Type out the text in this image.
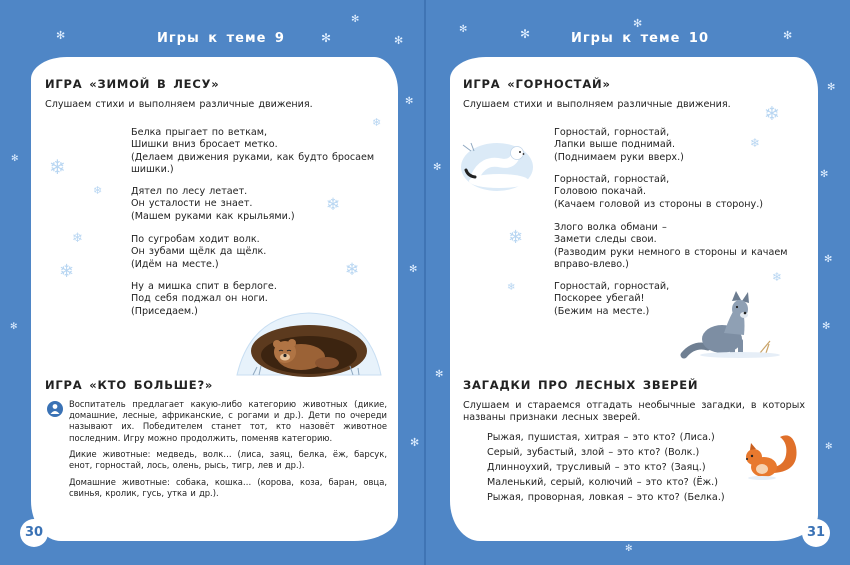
✻	✻
✻
✻
✻
✻
✻
✻
✻
✻
✻
✻	✻
✻
✻
✻
✻
✻
✻
✻
✻
Игры к теме 9	Игры к теме 10
❄
❄
❄
❄
❄
❄
❄
ИГРА «ЗИМОЙ В ЛЕСУ»
Слушаем стихи и выполняем различные движения.
Белка прыгает по веткам,
Шишки вниз бросает метко.
(Делаем движения руками, как будто бросаем
шишки.)
Дятел по лесу летает.
Он усталости не знает.
(Машем руками как крыльями.)
По сугробам ходит волк.
Он зубами щёлк да щёлк.
(Идём на месте.)
Ну а мишка спит в берлоге.
Под себя поджал он ноги.
(Приседаем.)
ИГРА «КТО БОЛЬШЕ?»
Воспитатель предлагает какую-либо категорию животных (дикие, домашние, лесные, африканские, с рогами и др.). Дети по очереди называют их. Победителем станет тот, кто назовёт животное последним. Игру можно продолжить, поменяв категорию.
Дикие животные: медведь, волк… (лиса, заяц, белка, ёж, барсук, енот, горностай, лось, олень, рысь, тигр, лев и др.).
Домашние животные: собака, кошка… (корова, коза, баран, овца, свинья, кролик, гусь, утка и др.).
❄
❄
❄
❄
❄
ИГРА «ГОРНОСТАЙ»
Слушаем стихи и выполняем различные движения.
Горностай, горностай,
Лапки выше поднимай.
(Поднимаем руки вверх.)
Горностай, горностай,
Головою покачай.
(Качаем головой из стороны в сторону.)
Злого волка обмани –
Замети следы свои.
(Разводим руки немного в стороны и качаем
вправо-влево.)
Горностай, горностай,
Поскорее убегай!
(Бежим на месте.)
ЗАГАДКИ ПРО ЛЕСНЫХ ЗВЕРЕЙ
Слушаем и стараемся отгадать необычные загадки, в которых названы признаки лесных зверей.
Рыжая, пушистая, хитрая – это кто? (Лиса.)
Серый, зубастый, злой – это кто? (Волк.)
Длинноухий, трусливый – это кто? (Заяц.)
Маленький, серый, колючий – это кто? (Ёж.)
Рыжая, проворная, ловкая – это кто? (Белка.)
30	31
